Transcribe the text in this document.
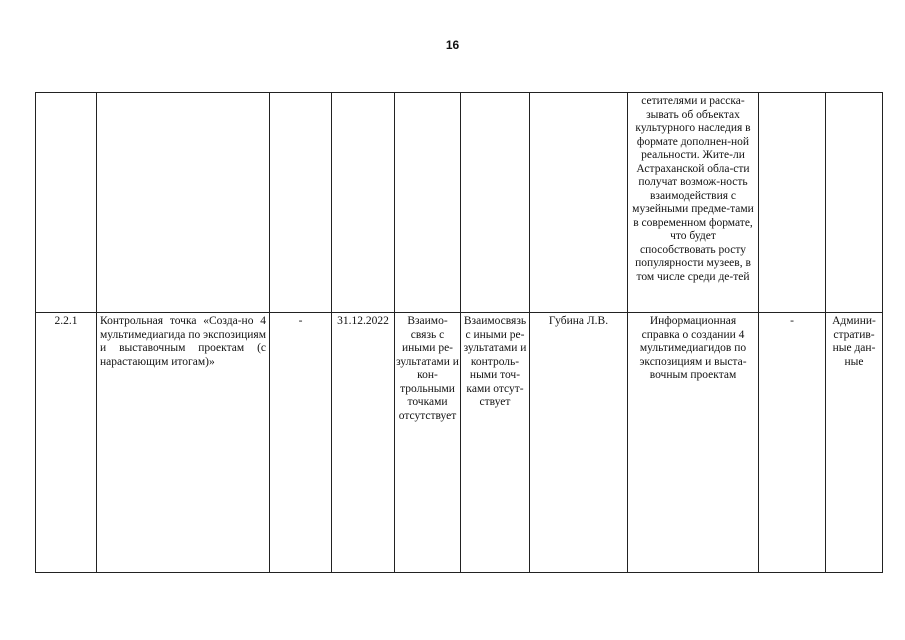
16
							сетителями и расска-зывать об объектах культурного наследия в формате дополнен-ной реальности. Жите-ли Астраханской обла-сти получат возмож-ность взаимодействия с музейными предме-тами в современном формате, что будет способствовать росту популярности музеев, в том числе среди де-тей		
2.2.1	Контрольная точка «Созда-но 4 мультимедиагида по экспозициям и выставочным проектам (с нарастающим итогам)»	-	31.12.2022	Взаимо-связь с иными ре-зультатами и кон-трольными точками отсутствует	Взаимосвязь с иными ре-зультатами и контроль-ными точ-ками отсут-ствует	Губина Л.В.	Информационная справка о создании 4 мультимедиагидов по экспозициям и выста-вочным проектам	-	Админи-стратив-ные дан-ные
